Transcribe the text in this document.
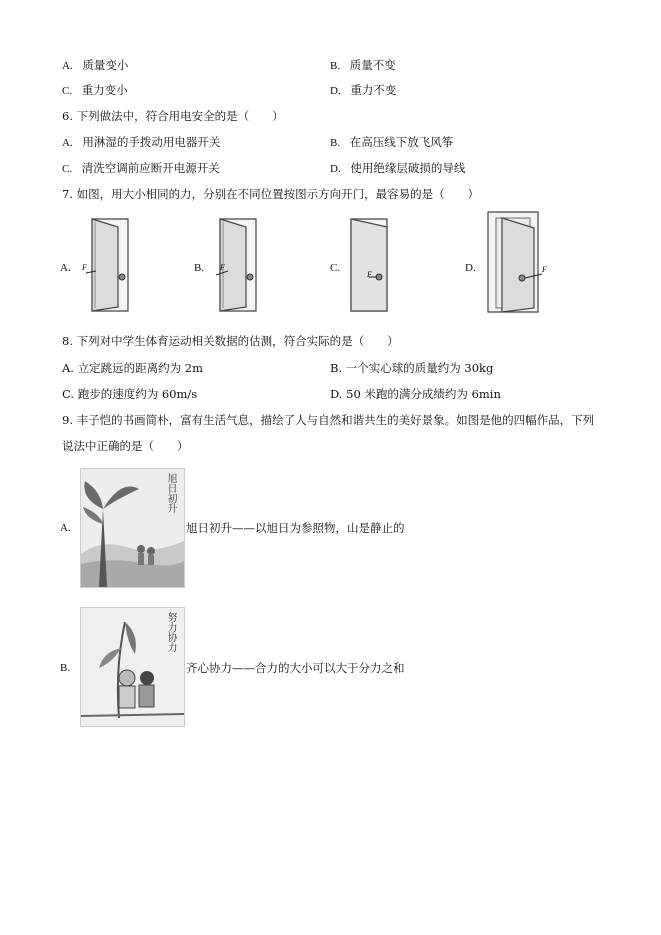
A. 质量变小	B. 质量不变
C. 重力变小	D. 重力不变
6. 下列做法中，符合用电安全的是（　　）
A. 用淋湿的手拨动用电器开关	B. 在高压线下放飞风筝
C. 清洗空调前应断开电源开关	D. 使用绝缘层破损的导线
7. 如图，用大小相同的力，分别在不同位置按图示方向开门，最容易的是（　　）
A. F	B. F	C.
F
D.	F
8. 下列对中学生体育运动相关数据的估测，符合实际的是（　　）
A. 立定跳远的距离约为 2m	B. 一个实心球的质量约为 30kg
C. 跑步的速度约为 60m/s	D. 50 米跑的满分成绩约为 6min
9. 丰子恺的书画简朴，富有生活气息，描绘了人与自然和谐共生的美好景象。如图是他的四幅作品，下列
说法中正确的是（　　）
A.
旭日初升
旭日初升——以旭日为参照物，山是静止的
B.
努力协力
齐心协力——合力的大小可以大于分力之和
